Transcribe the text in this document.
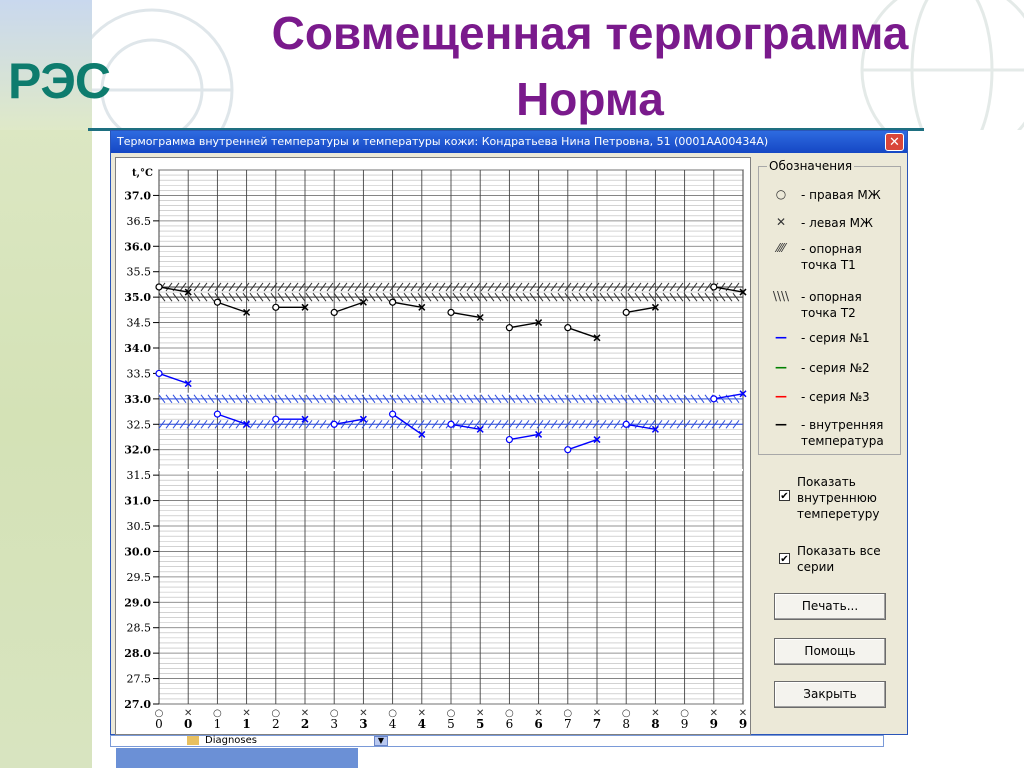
РЭС
Совмещенная термограмма
Норма
Термограмма внутренней температуры и температуры кожи: Кондратьева Нина Петровна, 51 (0001АА00434А)	✕
27.0
27.5
28.0
28.5
29.0
29.5
30.0
30.5
31.0
31.5
32.0
32.5
33.0
33.5
34.0
34.5
35.0
35.5
36.0
36.5
37.0
t,°C
○
0
✕
0
○
1
✕
1
○
2
✕
2
○
3
✕
3
○
4
✕
4
○
5
✕
5
○
6
✕
6
○
7
✕
7
○
8
✕
8
○
9
✕
9
✕
9
Обозначения
○	- правая МЖ
✕	- левая МЖ
⁄⁄⁄⁄	- опорная точка Т1
\\\\ - опорная точка Т2
—	- серия №1
—	- серия №2
—	- серия №3
—	- внутренняя температура
✔
Показать внутреннюю темперетуру
✔
Показать все серии
Печать...
Помощь
Закрыть
Diagnoses	▼
